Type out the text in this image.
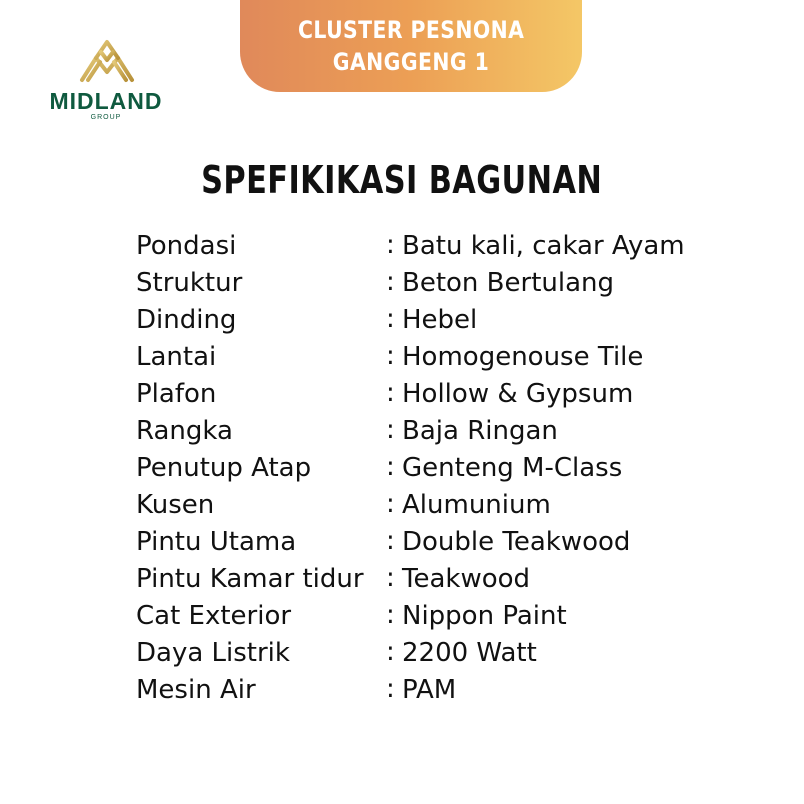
CLUSTER PESNONA
GANGGENG 1
MIDLAND
GROUP
SPEFIKIKASI BAGUNAN
Pondasi	: Batu kali, cakar Ayam
Struktur	: Beton Bertulang
Dinding	: Hebel
Lantai	: Homogenouse Tile
Plafon	: Hollow & Gypsum
Rangka	: Baja Ringan
Penutup Atap	: Genteng M-Class
Kusen	: Alumunium
Pintu Utama	: Double Teakwood
Pintu Kamar tidur : Teakwood
Cat Exterior	: Nippon Paint
Daya Listrik	: 2200 Watt
Mesin Air	: PAM
